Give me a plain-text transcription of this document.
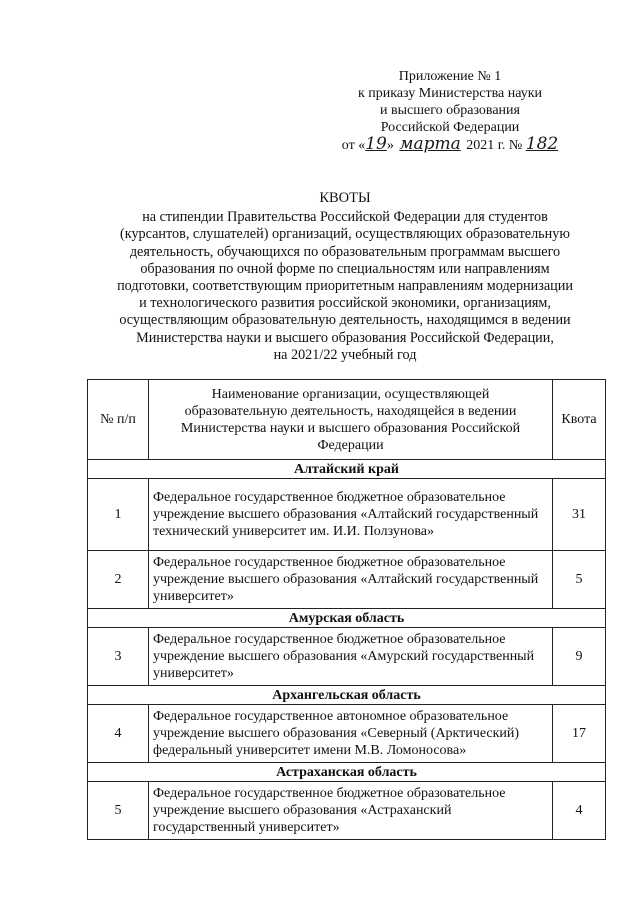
Приложение № 1
к приказу Министерства науки
и высшего образования
Российской Федерации
от «19» марта 2021 г. № 182
КВОТЫ
на стипендии Правительства Российской Федерации для студентов
(курсантов, слушателей) организаций, осуществляющих образовательную
деятельность, обучающихся по образовательным программам высшего
образования по очной форме по специальностям или направлениям
подготовки, соответствующим приоритетным направлениям модернизации
и технологического развития российской экономики, организациям,
осуществляющим образовательную деятельность, находящимся в ведении
Министерства науки и высшего образования Российской Федерации,
на 2021/22 учебный год
№ п/п	Наименование организации, осуществляющей образовательную деятельность, находящейся в ведении Министерства науки и высшего образования Российской Федерации	Квота
Алтайский край		
1	Федеральное государственное бюджетное образовательное учреждение высшего образования «Алтайский государственный технический университет им. И.И. Ползунова»	31
2	Федеральное государственное бюджетное образовательное учреждение высшего образования «Алтайский государственный университет»	5
Амурская область		
3	Федеральное государственное бюджетное образовательное учреждение высшего образования «Амурский государственный университет»	9
Архангельская область		
4	Федеральное государственное автономное образовательное учреждение высшего образования «Северный (Арктический) федеральный университет имени М.В. Ломоносова»	17
Астраханская область		
5	Федеральное государственное бюджетное образовательное учреждение высшего образования «Астраханский государственный университет»	4
